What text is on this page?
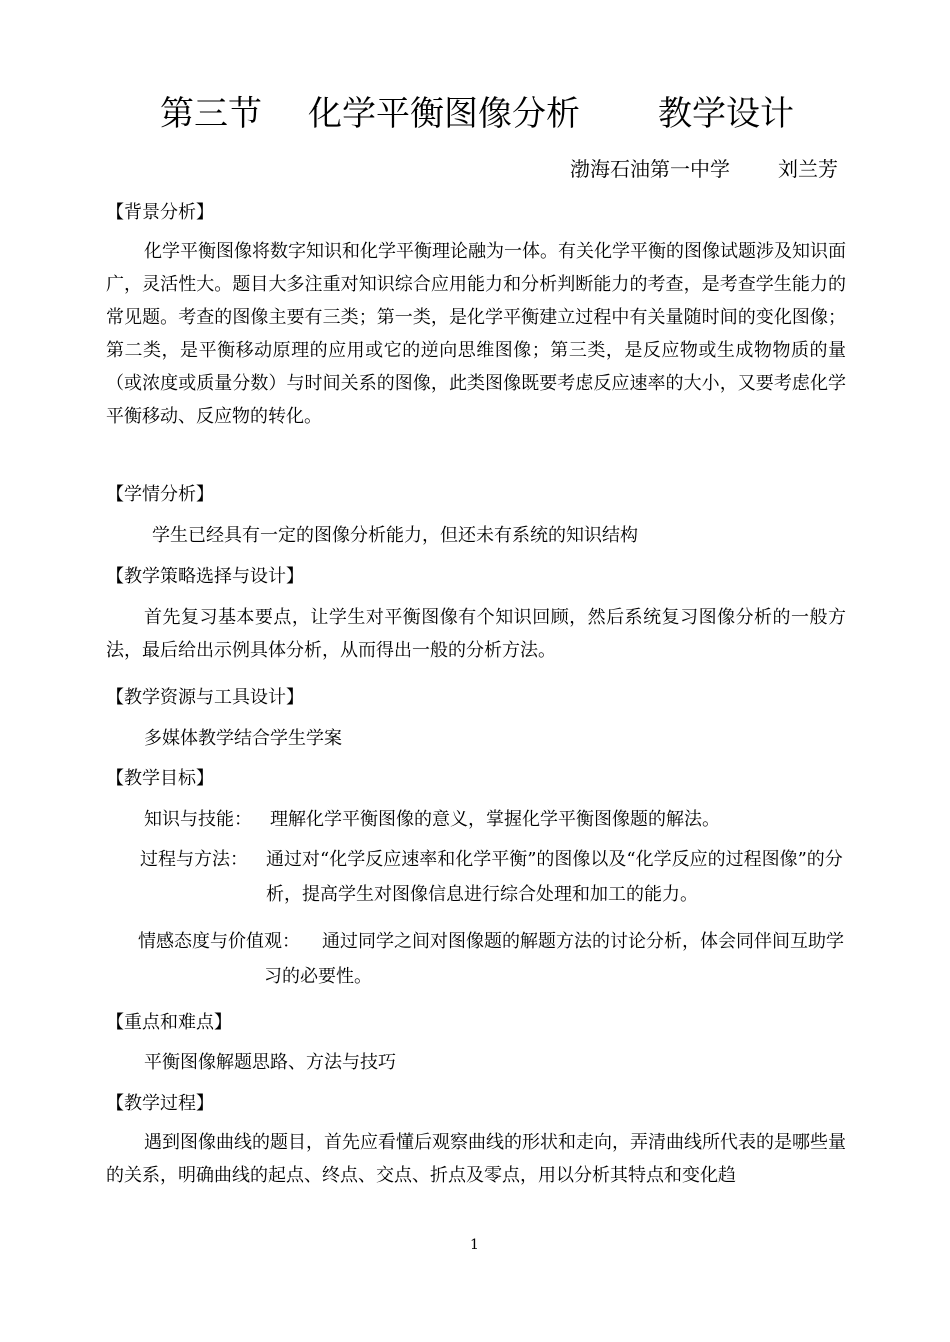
第三节 化学平衡图像分析 教学设计
渤海石油第一中学 刘兰芳
【背景分析】
化学平衡图像将数字知识和化学平衡理论融为一体。有关化学平衡的图像试题涉及知识面广，灵活性大。题目大多注重对知识综合应用能力和分析判断能力的考查，是考查学生能力的常见题。考查的图像主要有三类；第一类，是化学平衡建立过程中有关量随时间的变化图像；第二类，是平衡移动原理的应用或它的逆向思维图像；第三类，是反应物或生成物物质的量（或浓度或质量分数）与时间关系的图像，此类图像既要考虑反应速率的大小，又要考虑化学平衡移动、反应物的转化。
【学情分析】
学生已经具有一定的图像分析能力，但还未有系统的知识结构
【教学策略选择与设计】
首先复习基本要点，让学生对平衡图像有个知识回顾，然后系统复习图像分析的一般方法，最后给出示例具体分析，从而得出一般的分析方法。
【教学资源与工具设计】
多媒体教学结合学生学案
【教学目标】
知识与技能： 理解化学平衡图像的意义，掌握化学平衡图像题的解法。
过程与方法： 通过对“化学反应速率和化学平衡”的图像以及“化学反应的过程图像”的分析，提高学生对图像信息进行综合处理和加工的能力。
情感态度与价值观：	通过同学之间对图像题的解题方法的讨论分析，体会同伴间互助学习的必要性。
【重点和难点】
平衡图像解题思路、方法与技巧
【教学过程】
遇到图像曲线的题目，首先应看懂后观察曲线的形状和走向，弄清曲线所代表的是哪些量的关系，明确曲线的起点、终点、交点、折点及零点，用以分析其特点和变化趋
1
